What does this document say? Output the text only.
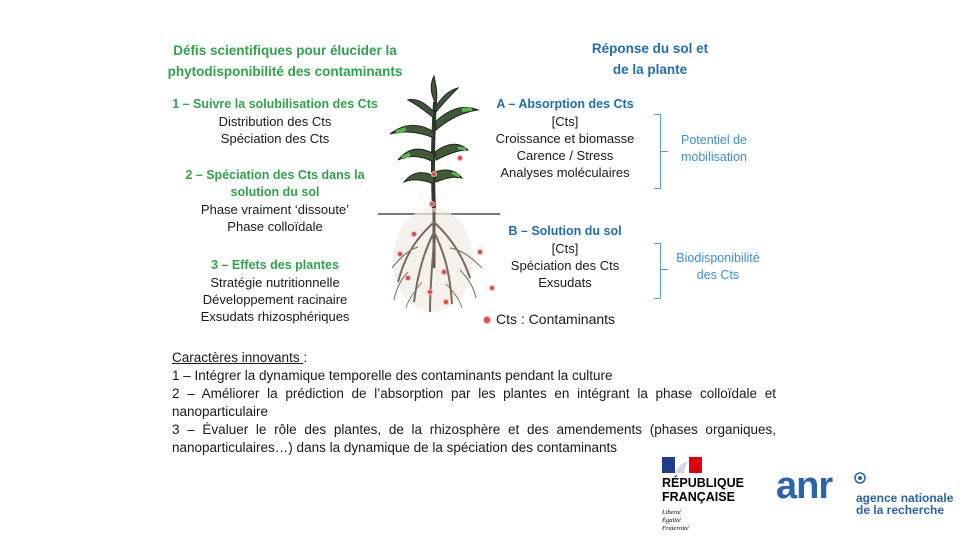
Défis scientifiques pour élucider la
phytodisponibilité des contaminants
Réponse du sol et
de la plante
1 – Suivre la solubilisation des Cts
Distribution des Cts
Spéciation des Cts
2 – Spéciation des Cts dans la
solution du sol
Phase vraiment ‘dissoute’
Phase colloïdale
3 – Effets des plantes
Stratégie nutritionnelle
Développement racinaire
Exsudats rhizosphériques
A – Absorption des Cts
[Cts]
Croissance et biomasse
Carence / Stress
Analyses moléculaires
B – Solution du sol
[Cts]
Spéciation des Cts
Exsudats
Potentiel de
mobilisation
Biodisponibilité
des Cts
Cts : Contaminants
Caractères innovants :
1 – Intégrer la dynamique temporelle des contaminants pendant la culture
2 – Améliorer la prédiction de l’absorption par les plantes en intégrant la phase colloïdale et nanoparticulaire
3 – Évaluer le rôle des plantes, de la rhizosphère et des amendements (phases organiques, nanoparticulaires…) dans la dynamique de la spéciation des contaminants
RÉPUBLIQUE
FRANÇAISE
Liberté
Égalité
Fraternité
anr agence nationale
de la recherche
